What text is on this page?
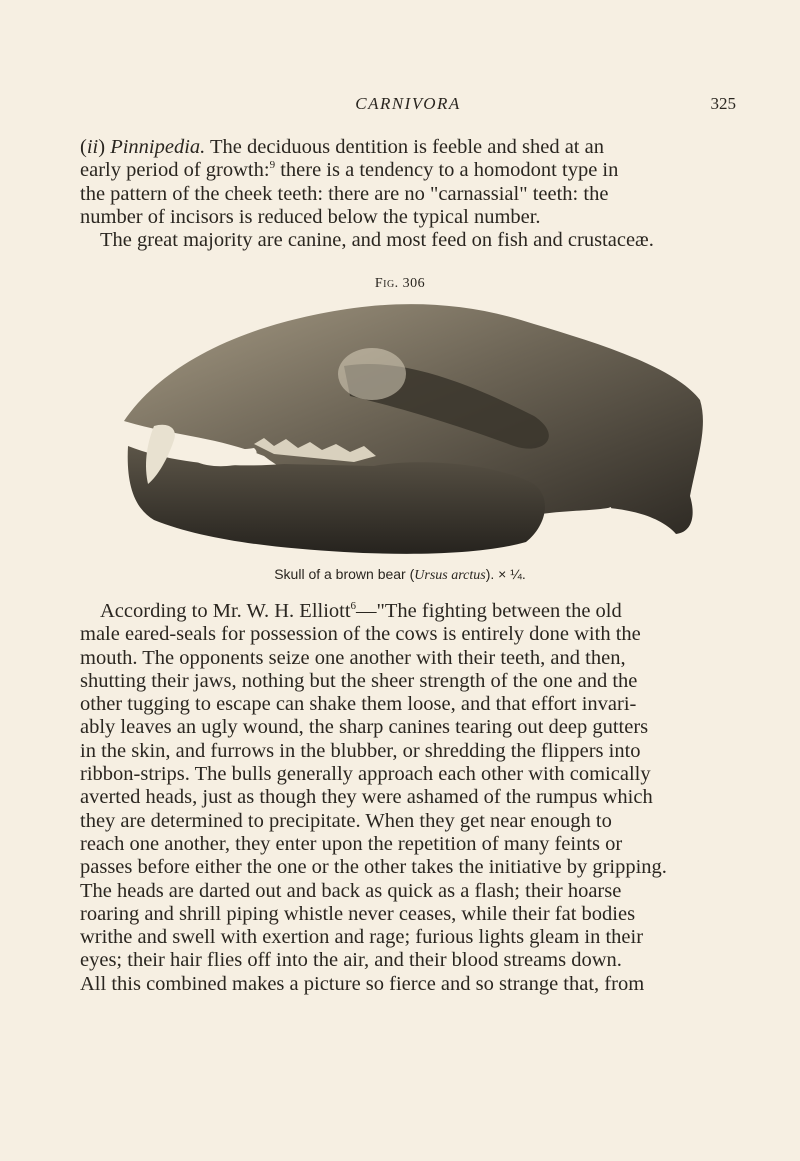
CARNIVORA	325
(ii) Pinnipedia. The deciduous dentition is feeble and shed at an
early period of growth:$^9$ there is a tendency to a homodont type in
the pattern of the cheek teeth: there are no "carnassial" teeth: the
number of incisors is reduced below the typical number.
The great majority are canine, and most feed on fish and crustaceæ.
Fig. 306
Skull of a brown bear (Ursus arctus). × ¼.
According to Mr. W. H. Elliott$^6$—"The fighting between the old
male eared-seals for possession of the cows is entirely done with the
mouth. The opponents seize one another with their teeth, and then,
shutting their jaws, nothing but the sheer strength of the one and the
other tugging to escape can shake them loose, and that effort invari-
ably leaves an ugly wound, the sharp canines tearing out deep gutters
in the skin, and furrows in the blubber, or shredding the flippers into
ribbon-strips. The bulls generally approach each other with comically
averted heads, just as though they were ashamed of the rumpus which
they are determined to precipitate. When they get near enough to
reach one another, they enter upon the repetition of many feints or
passes before either the one or the other takes the initiative by gripping.
The heads are darted out and back as quick as a flash; their hoarse
roaring and shrill piping whistle never ceases, while their fat bodies
writhe and swell with exertion and rage; furious lights gleam in their
eyes; their hair flies off into the air, and their blood streams down.
All this combined makes a picture so fierce and so strange that, from
